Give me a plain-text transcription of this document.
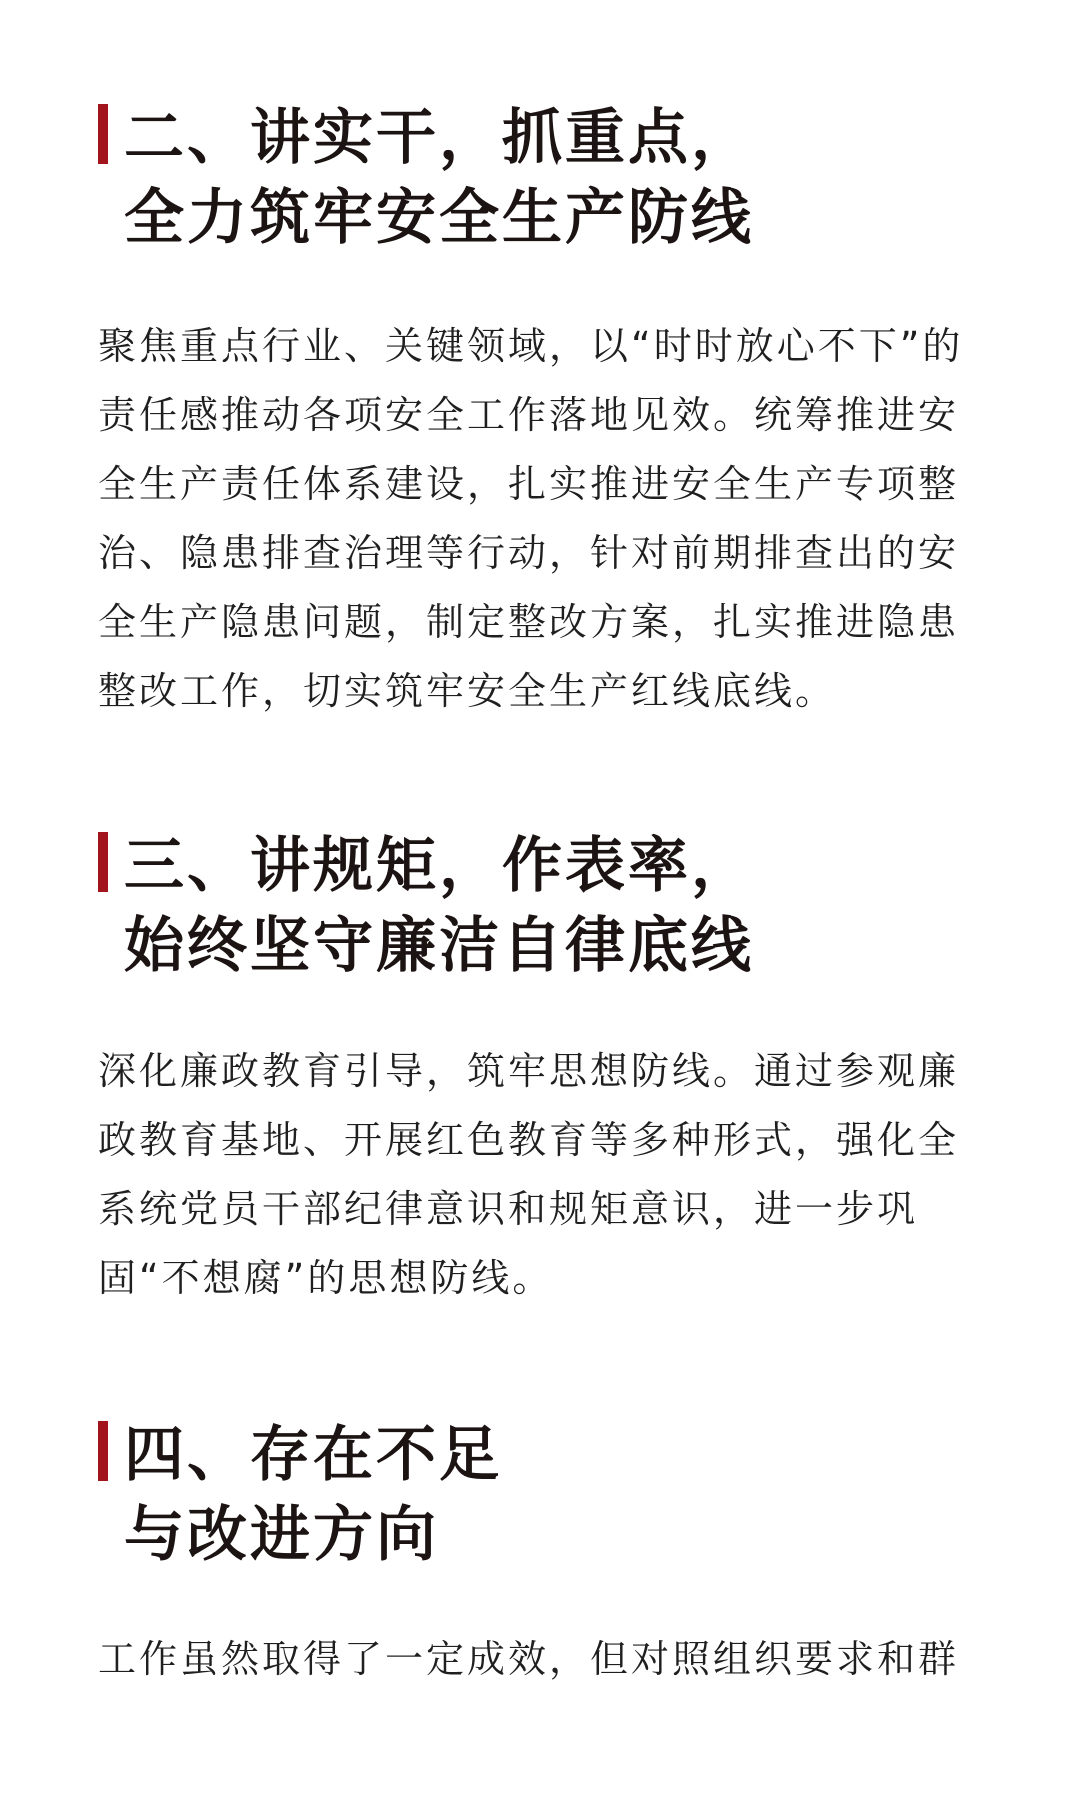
二、讲实干，抓重点，
全力筑牢安全生产防线
聚焦重点行业、关键领域，以“时时放心不下”的
责任感推动各项安全工作落地见效。统筹推进安
全生产责任体系建设，扎实推进安全生产专项整
治、隐患排查治理等行动，针对前期排查出的安
全生产隐患问题，制定整改方案，扎实推进隐患
整改工作，切实筑牢安全生产红线底线。
三、讲规矩，作表率，
始终坚守廉洁自律底线
深化廉政教育引导，筑牢思想防线。通过参观廉
政教育基地、开展红色教育等多种形式，强化全
系统党员干部纪律意识和规矩意识，进一步巩
固“不想腐”的思想防线。
四、存在不足
与改进方向
工作虽然取得了一定成效，但对照组织要求和群
